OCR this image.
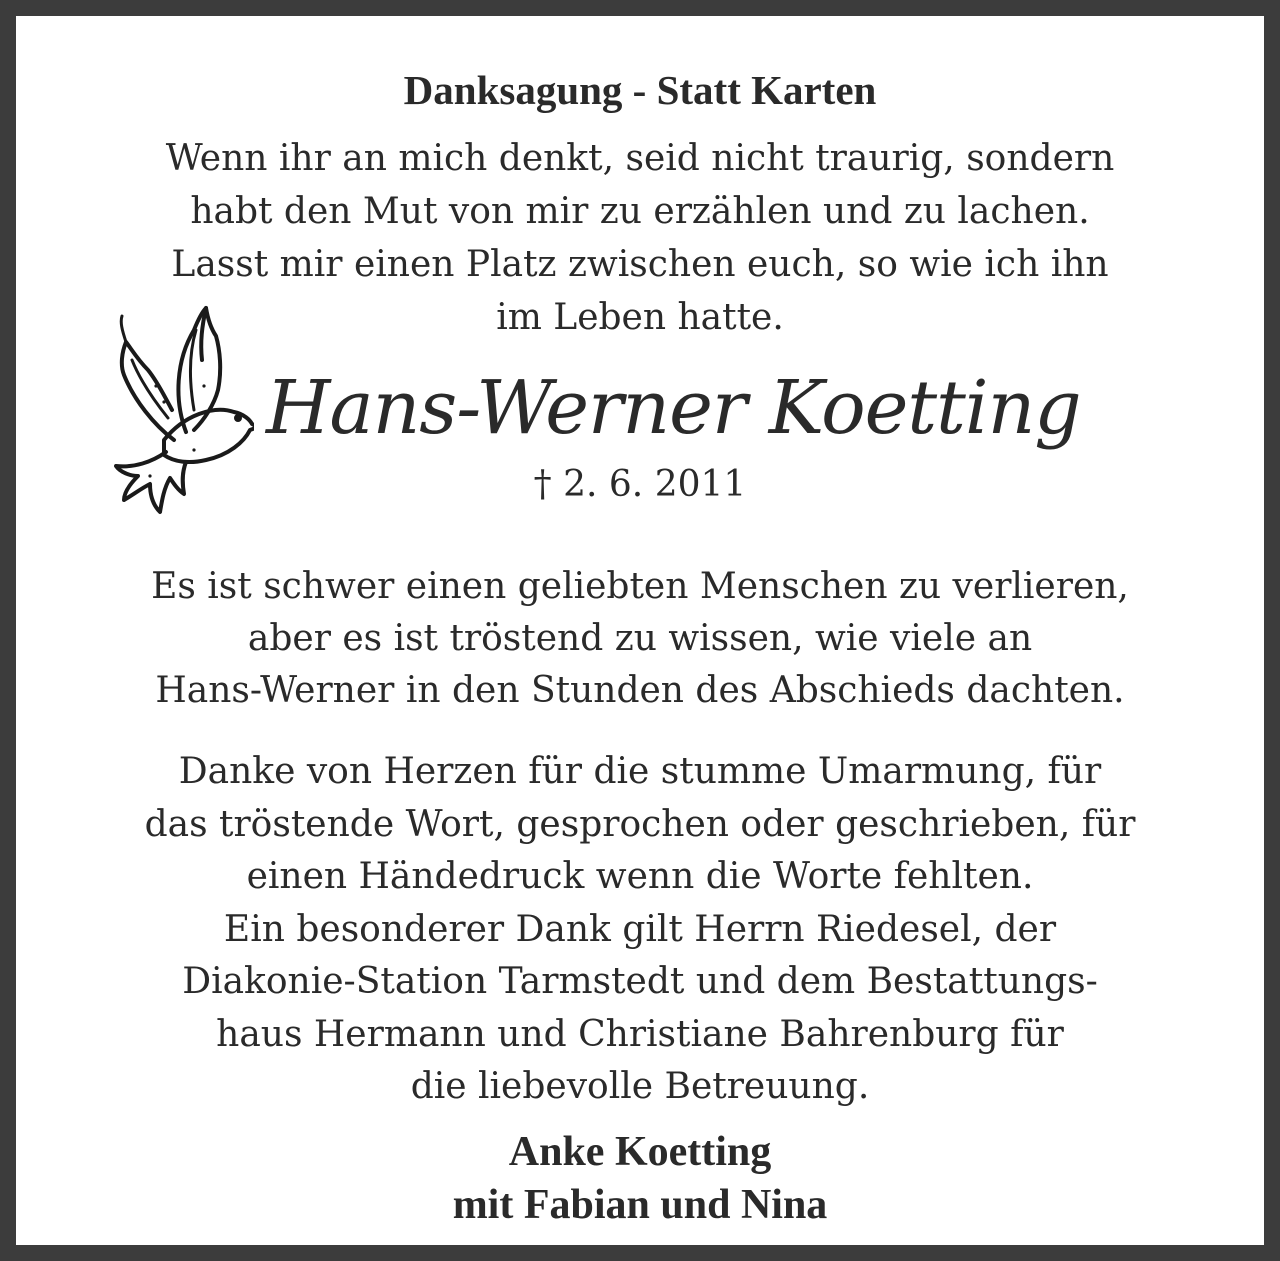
Danksagung - Statt Karten
Wenn ihr an mich denkt, seid nicht traurig, sondern
habt den Mut von mir zu erzählen und zu lachen.
Lasst mir einen Platz zwischen euch, so wie ich ihn
im Leben hatte.
Hans-Werner Koetting
† 2. 6. 2011
Es ist schwer einen geliebten Menschen zu verlieren,
aber es ist tröstend zu wissen, wie viele an
Hans-Werner in den Stunden des Abschieds dachten.
Danke von Herzen für die stumme Umarmung, für
das tröstende Wort, gesprochen oder geschrieben, für
einen Händedruck wenn die Worte fehlten.
Ein besonderer Dank gilt Herrn Riedesel, der
Diakonie-Station Tarmstedt und dem Bestattungs-
haus Hermann und Christiane Bahrenburg für
die liebevolle Betreuung.
Anke Koetting
mit Fabian und Nina
